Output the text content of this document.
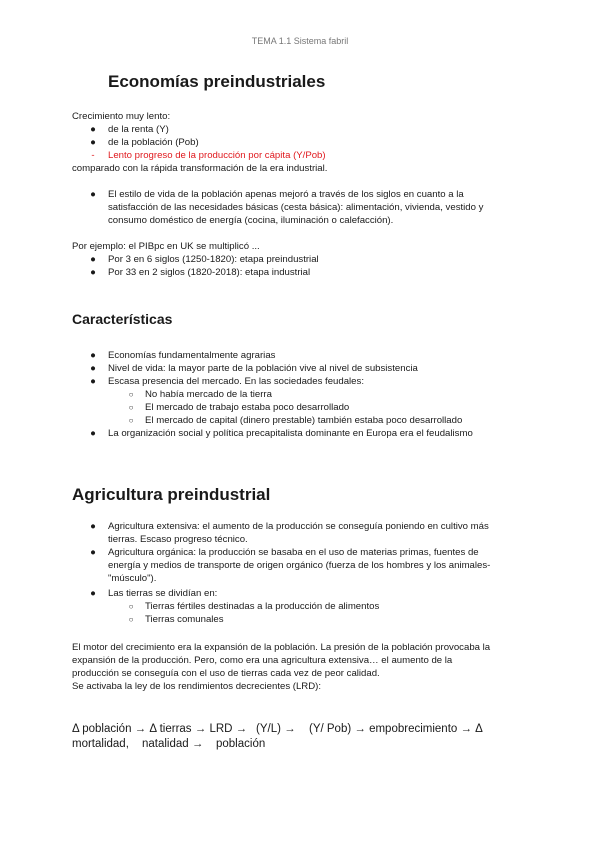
TEMA 1.1 Sistema fabril
Economías preindustriales
Crecimiento muy lento:
● de la renta (Y)
● de la población (Pob)
- Lento progreso de la producción por cápita (Y/Pob)
comparado con la rápida transformación de la era industrial.
● El estilo de vida de la población apenas mejoró a través de los siglos en cuanto a la
satisfacción de las necesidades básicas (cesta básica): alimentación, vivienda, vestido y
consumo doméstico de energía (cocina, iluminación o calefacción).
Por ejemplo: el PIBpc en UK se multiplicó ...
● Por 3 en 6 siglos (1250-1820): etapa preindustrial
● Por 33 en 2 siglos (1820-2018): etapa industrial
Características
● Economías fundamentalmente agrarias
● Nivel de vida: la mayor parte de la población vive al nivel de subsistencia
● Escasa presencia del mercado. En las sociedades feudales:
○ No había mercado de la tierra
○ El mercado de trabajo estaba poco desarrollado
○ El mercado de capital (dinero prestable) también estaba poco desarrollado
● La organización social y política precapitalista dominante en Europa era el feudalismo
Agricultura preindustrial
● Agricultura extensiva: el aumento de la producción se conseguía poniendo en cultivo más
tierras. Escaso progreso técnico.
● Agricultura orgánica: la producción se basaba en el uso de materias primas, fuentes de
energía y medios de transporte de origen orgánico (fuerza de los hombres y los animales-
"músculo").
● Las tierras se dividían en:
○ Tierras fértiles destinadas a la producción de alimentos
○ Tierras comunales
El motor del crecimiento era la expansión de la población. La presión de la población provocaba la
expansión de la producción. Pero, como era una agricultura extensiva… el aumento de la
producción se conseguía con el uso de tierras cada vez de peor calidad.
Se activaba la ley de los rendimientos decrecientes (LRD):
Δ población → Δ tierras → LRD → (Y/L) → (Y/ Pob) → empobrecimiento → Δ
mortalidad, natalidad → población
